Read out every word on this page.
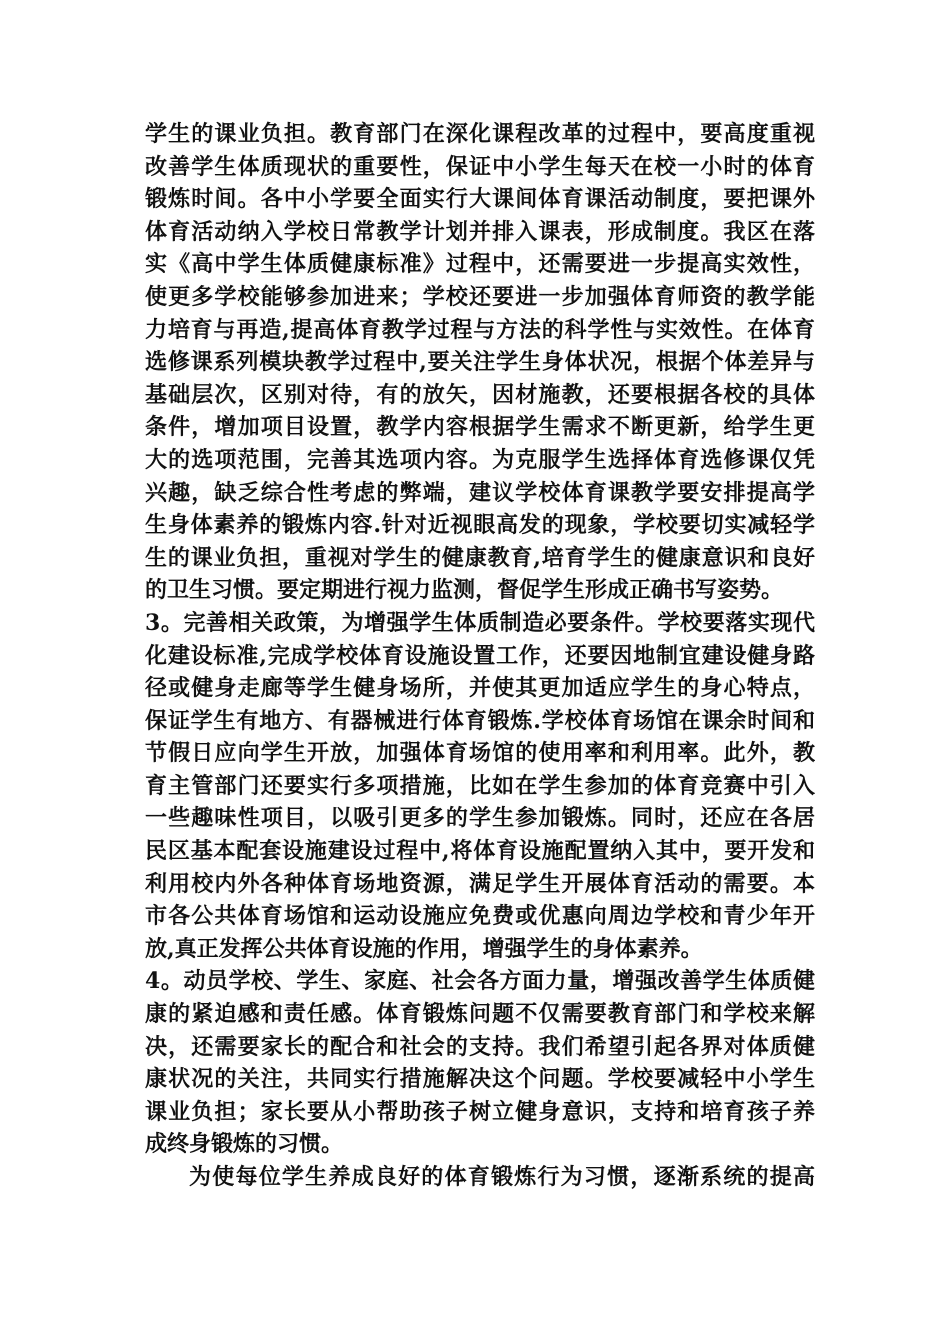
学生的课业负担。教育部门在深化课程改革的过程中，要高度重视
改善学生体质现状的重要性，保证中小学生每天在校一小时的体育
锻炼时间。各中小学要全面实行大课间体育课活动制度，要把课外
体育活动纳入学校日常教学计划并排入课表，形成制度。我区在落
实《高中学生体质健康标准》过程中，还需要进一步提高实效性，
使更多学校能够参加进来；学校还要进一步加强体育师资的教学能
力培育与再造,提高体育教学过程与方法的科学性与实效性。在体育
选修课系列模块教学过程中,要关注学生身体状况，根据个体差异与
基础层次，区别对待，有的放矢，因材施教，还要根据各校的具体
条件，增加项目设置，教学内容根据学生需求不断更新，给学生更
大的选项范围，完善其选项内容。为克服学生选择体育选修课仅凭
兴趣，缺乏综合性考虑的弊端，建议学校体育课教学要安排提高学
生身体素养的锻炼内容.针对近视眼高发的现象，学校要切实减轻学
生的课业负担，重视对学生的健康教育,培育学生的健康意识和良好
的卫生习惯。要定期进行视力监测，督促学生形成正确书写姿势。
3。完善相关政策，为增强学生体质制造必要条件。学校要落实现代
化建设标准,完成学校体育设施设置工作，还要因地制宜建设健身路
径或健身走廊等学生健身场所，并使其更加适应学生的身心特点，
保证学生有地方、有器械进行体育锻炼.学校体育场馆在课余时间和
节假日应向学生开放，加强体育场馆的使用率和利用率。此外，教
育主管部门还要实行多项措施，比如在学生参加的体育竞赛中引入
一些趣味性项目，以吸引更多的学生参加锻炼。同时，还应在各居
民区基本配套设施建设过程中,将体育设施配置纳入其中，要开发和
利用校内外各种体育场地资源，满足学生开展体育活动的需要。本
市各公共体育场馆和运动设施应免费或优惠向周边学校和青少年开
放,真正发挥公共体育设施的作用，增强学生的身体素养。
4。动员学校、学生、家庭、社会各方面力量，增强改善学生体质健
康的紧迫感和责任感。体育锻炼问题不仅需要教育部门和学校来解
决，还需要家长的配合和社会的支持。我们希望引起各界对体质健
康状况的关注，共同实行措施解决这个问题。学校要减轻中小学生
课业负担；家长要从小帮助孩子树立健身意识，支持和培育孩子养
成终身锻炼的习惯。
为使每位学生养成良好的体育锻炼行为习惯，逐渐系统的提高
